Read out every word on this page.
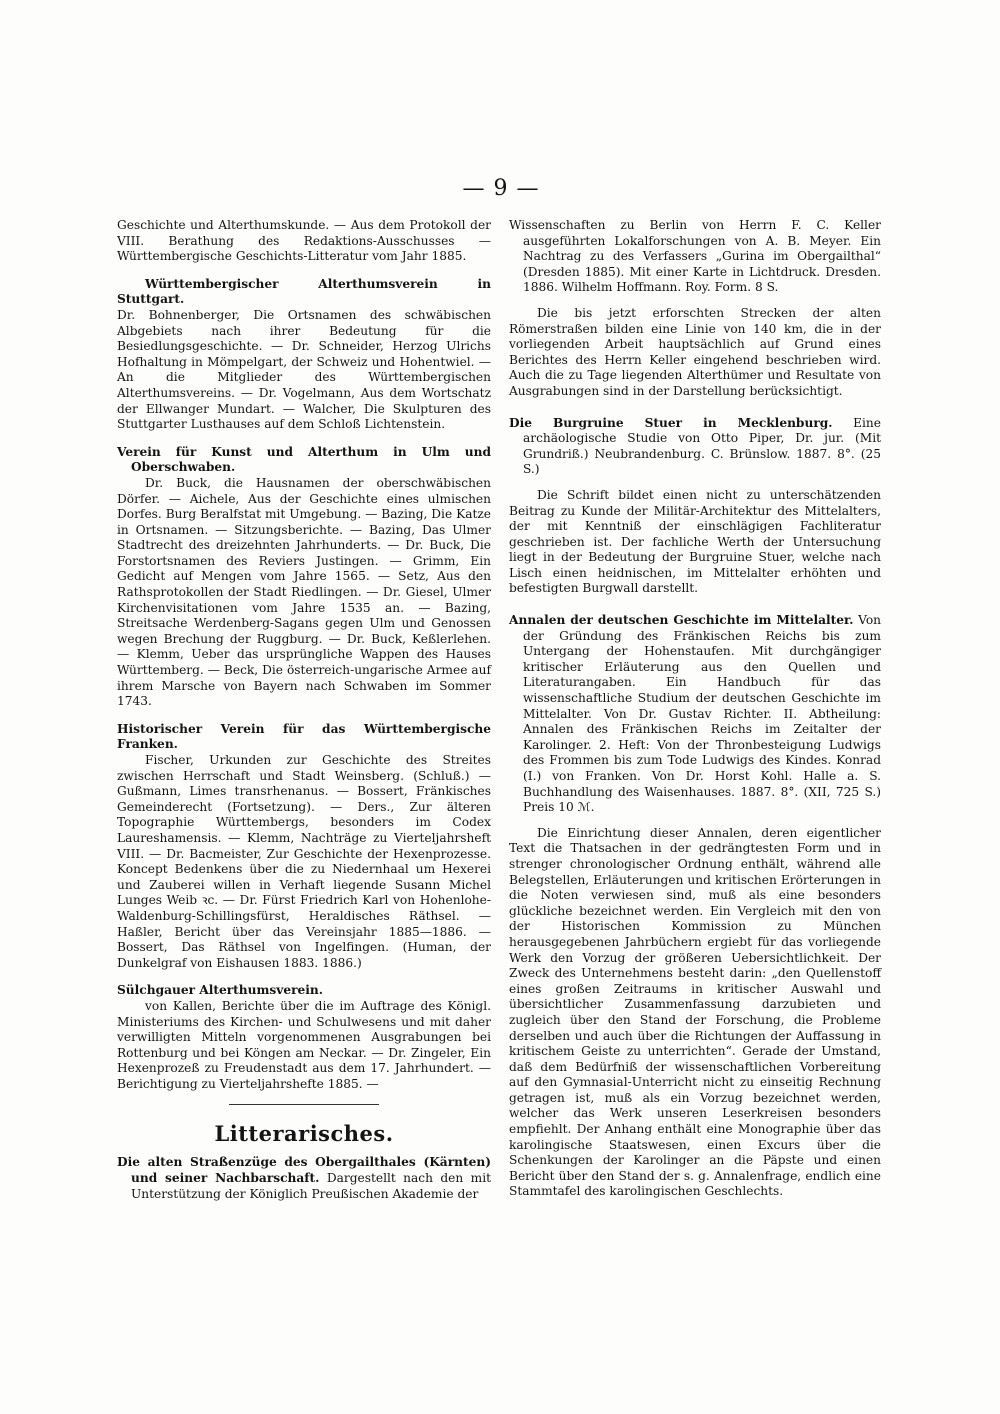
— 9 —

Geschichte und Alterthumskunde. — Aus dem Protokoll der VIII. Berathung des Redaktions-Ausschusses — Württembergische Geschichts-Litteratur vom Jahr 1885.

Württembergischer Alterthumsverein in Stuttgart.
Dr. Bohnenberger, Die Ortsnamen des schwäbischen Albgebiets nach ihrer Bedeutung für die Besiedlungsgeschichte. — Dr. Schneider, Herzog Ulrichs Hofhaltung in Mömpelgart, der Schweiz und Hohentwiel. — An die Mitglieder des Württembergischen Alterthumsvereins. — Dr. Vogelmann, Aus dem Wortschatz der Ellwanger Mundart. — Walcher, Die Skulpturen des Stuttgarter Lusthauses auf dem Schloß Lichtenstein.

Verein für Kunst und Alterthum in Ulm und Oberschwaben.

Dr. Buck, die Hausnamen der oberschwäbischen Dörfer. — Aichele, Aus der Geschichte eines ulmischen Dorfes. Burg Beralfstat mit Umgebung. — Bazing, Die Katze in Ortsnamen. — Sitzungsberichte. — Bazing, Das Ulmer Stadtrecht des dreizehnten Jahrhunderts. — Dr. Buck, Die Forstortsnamen des Reviers Justingen. — Grimm, Ein Gedicht auf Mengen vom Jahre 1565. — Setz, Aus den Rathsprotokollen der Stadt Riedlingen. — Dr. Giesel, Ulmer Kirchenvisitationen vom Jahre 1535 an. — Bazing, Streitsache Werdenberg-Sagans gegen Ulm und Genossen wegen Brechung der Ruggburg. — Dr. Buck, Keßlerlehen. — Klemm, Ueber das ursprüngliche Wappen des Hauses Württemberg. — Beck, Die österreich-ungarische Armee auf ihrem Marsche von Bayern nach Schwaben im Sommer 1743.

Historischer Verein für das Württembergische Franken.

Fischer, Urkunden zur Geschichte des Streites zwischen Herrschaft und Stadt Weinsberg. (Schluß.) — Gußmann, Limes transrhenanus. — Bossert, Fränkisches Gemeinderecht (Fortsetzung). — Ders., Zur älteren Topographie Württembergs, besonders im Codex Laureshamensis. — Klemm, Nachträge zu Vierteljahrsheft VIII. — Dr. Bacmeister, Zur Geschichte der Hexenprozesse. Koncept Bedenkens über die zu Niedernhaal um Hexerei und Zauberei willen in Verhaft liegende Susann Michel Lunges Weib ꝛc. — Dr. Fürst Friedrich Karl von Hohenlohe-Waldenburg-Schillingsfürst, Heraldisches Räthsel. — Haßler, Bericht über das Vereinsjahr 1885—1886. — Bossert, Das Räthsel von Ingelfingen. (Human, der Dunkelgraf von Eishausen 1883. 1886.)

Sülchgauer Alterthumsverein.

von Kallen, Berichte über die im Auftrage des Königl. Ministeriums des Kirchen- und Schulwesens und mit daher verwilligten Mitteln vorgenommenen Ausgrabungen bei Rottenburg und bei Köngen am Neckar. — Dr. Zingeler, Ein Hexenprozeß zu Freudenstadt aus dem 17. Jahrhundert. — Berichtigung zu Vierteljahrshefte 1885. —

Litterarisches.

Die alten Straßenzüge des Obergailthales (Kärnten) und seiner Nachbarschaft. Dargestellt nach den mit Unterstützung der Königlich Preußischen Akademie der

Wissenschaften zu Berlin von Herrn F. C. Keller ausgeführten Lokalforschungen von A. B. Meyer. Ein Nachtrag zu des Verfassers „Gurina im Obergailthal“ (Dresden 1885). Mit einer Karte in Lichtdruck. Dresden. 1886. Wilhelm Hoffmann. Roy. Form. 8 S.

Die bis jetzt erforschten Strecken der alten Römerstraßen bilden eine Linie von 140 km, die in der vorliegenden Arbeit hauptsächlich auf Grund eines Berichtes des Herrn Keller eingehend beschrieben wird. Auch die zu Tage liegenden Alterthümer und Resultate von Ausgrabungen sind in der Darstellung berücksichtigt.

Die Burgruine Stuer in Mecklenburg. Eine archäologische Studie von Otto Piper, Dr. jur. (Mit Grundriß.) Neubrandenburg. C. Brünslow. 1887. 8°. (25 S.)

Die Schrift bildet einen nicht zu unterschätzenden Beitrag zu Kunde der Militär-Architektur des Mittelalters, der mit Kenntniß der einschlägigen Fachliteratur geschrieben ist. Der fachliche Werth der Untersuchung liegt in der Bedeutung der Burgruine Stuer, welche nach Lisch einen heidnischen, im Mittelalter erhöhten und befestigten Burgwall darstellt.

Annalen der deutschen Geschichte im Mittelalter. Von der Gründung des Fränkischen Reichs bis zum Untergang der Hohenstaufen. Mit durchgängiger kritischer Erläuterung aus den Quellen und Literaturangaben. Ein Handbuch für das wissenschaftliche Studium der deutschen Geschichte im Mittelalter. Von Dr. Gustav Richter. II. Abtheilung: Annalen des Fränkischen Reichs im Zeitalter der Karolinger. 2. Heft: Von der Thronbesteigung Ludwigs des Frommen bis zum Tode Ludwigs des Kindes. Konrad (I.) von Franken. Von Dr. Horst Kohl. Halle a. S. Buchhandlung des Waisenhauses. 1887. 8°. (XII, 725 S.) Preis 10 ℳ.

Die Einrichtung dieser Annalen, deren eigentlicher Text die Thatsachen in der gedrängtesten Form und in strenger chronologischer Ordnung enthält, während alle Belegstellen, Erläuterungen und kritischen Erörterungen in die Noten verwiesen sind, muß als eine besonders glückliche bezeichnet werden. Ein Vergleich mit den von der Historischen Kommission zu München herausgegebenen Jahrbüchern ergiebt für das vorliegende Werk den Vorzug der größeren Uebersichtlichkeit. Der Zweck des Unternehmens besteht darin: „den Quellenstoff eines großen Zeitraums in kritischer Auswahl und übersichtlicher Zusammenfassung darzubieten und zugleich über den Stand der Forschung, die Probleme derselben und auch über die Richtungen der Auffassung in kritischem Geiste zu unterrichten“. Gerade der Umstand, daß dem Bedürfniß der wissenschaftlichen Vorbereitung auf den Gymnasial-Unterricht nicht zu einseitig Rechnung getragen ist, muß als ein Vorzug bezeichnet werden, welcher das Werk unseren Leserkreisen besonders empfiehlt. Der Anhang enthält eine Monographie über das karolingische Staatswesen, einen Excurs über die Schenkungen der Karolinger an die Päpste und einen Bericht über den Stand der s. g. Annalenfrage, endlich eine Stammtafel des karolingischen Geschlechts.
